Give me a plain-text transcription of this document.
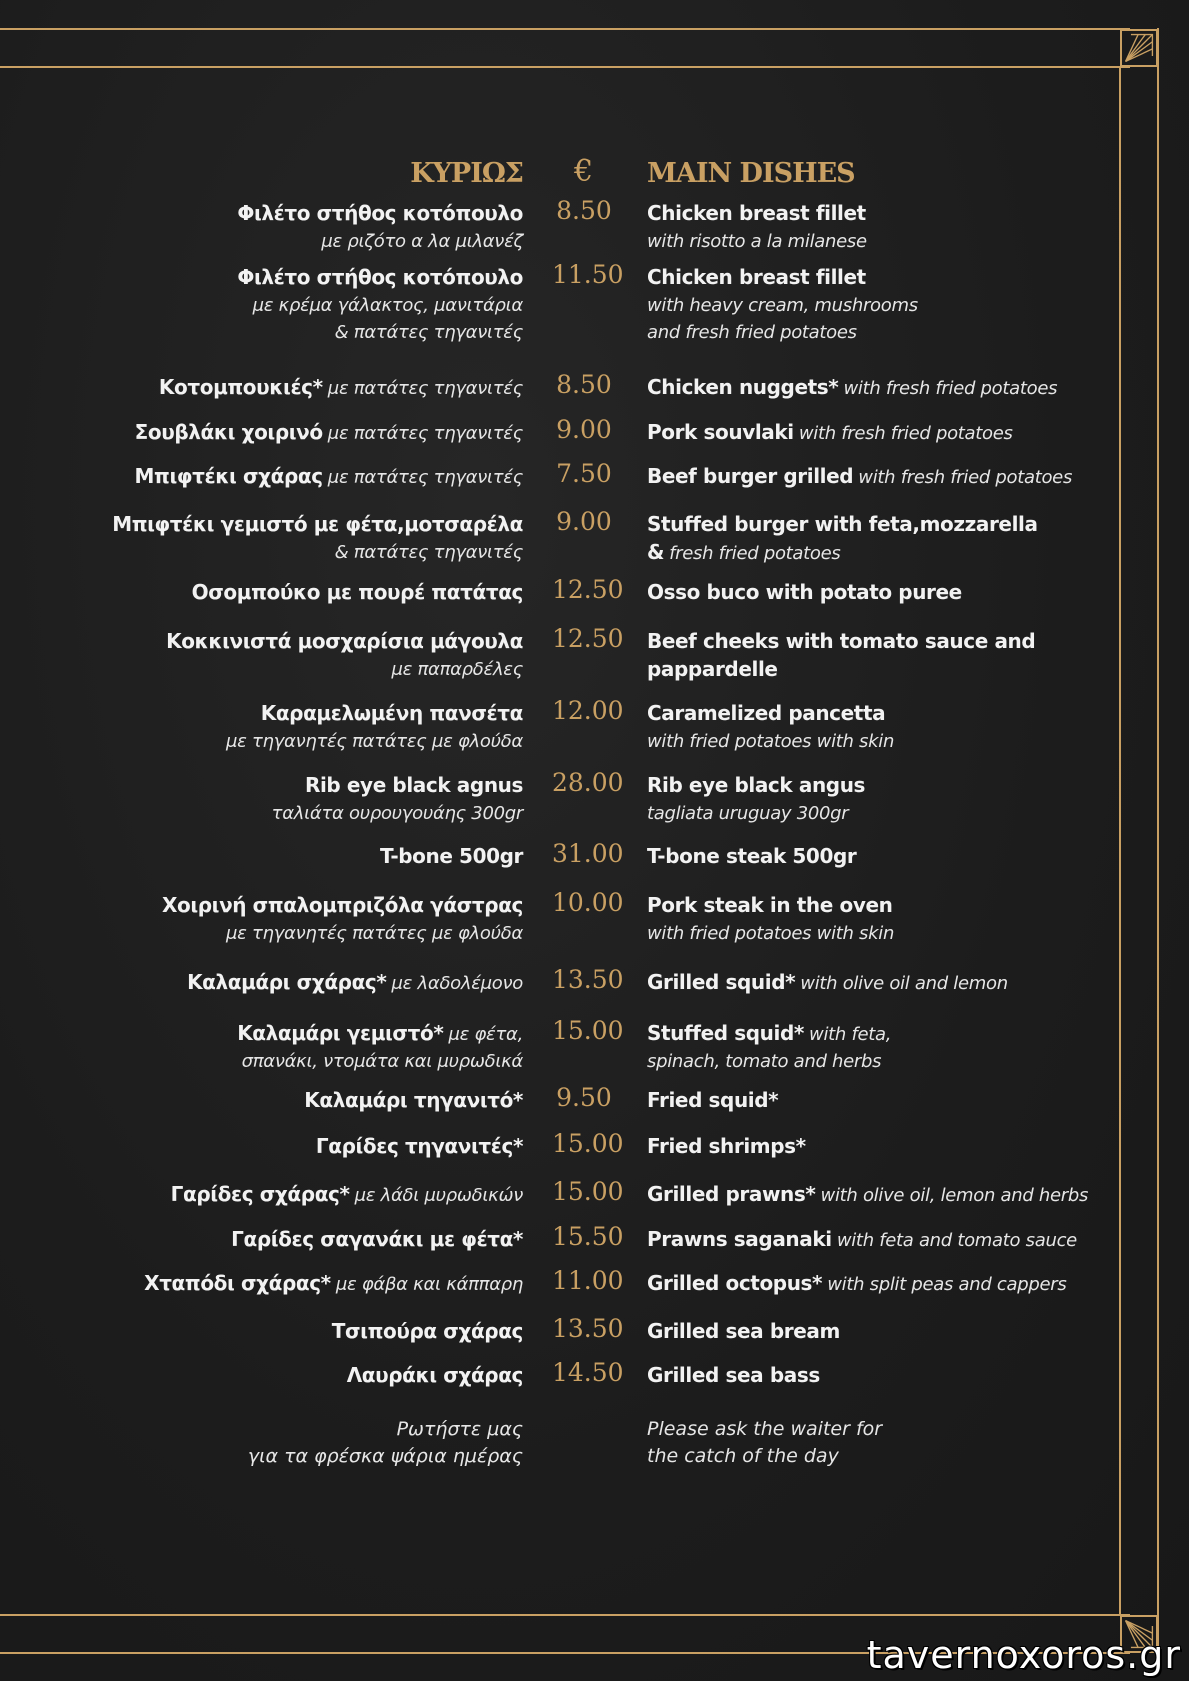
ΚΥΡΙΩΣ € MAIN DISHES
Φιλέτο στήθος κοτόπουλο
με ριζότο α λα μιλανέζ
8.50 Chicken breast fillet
with risotto a la milanese
Φιλέτο στήθος κοτόπουλο
με κρέμα γάλακτος, μανιτάρια
& πατάτες τηγανιτές
11.50 Chicken breast fillet
with heavy cream, mushrooms
and fresh fried potatoes
Κοτομπουκιές* με πατάτες τηγανιτές 8.50 Chicken nuggets* with fresh fried potatoes
Σουβλάκι χοιρινό με πατάτες τηγανιτές 9.00 Pork souvlaki with fresh fried potatoes
Μπιφτέκι σχάρας με πατάτες τηγανιτές 7.50 Beef burger grilled with fresh fried potatoes
Μπιφτέκι γεμιστό με φέτα,μοτσαρέλα
& πατάτες τηγανιτές
9.00 Stuffed burger with feta,mozzarella
& fresh fried potatoes
Οσομπούκο με πουρέ πατάτας 12.50 Osso buco with potato puree
Κοκκινιστά μοσχαρίσια μάγουλα
με παπαρδέλες
12.50 Beef cheeks with tomato sauce and
pappardelle
Καραμελωμένη πανσέτα
με τηγανητές πατάτες με φλούδα
12.00 Caramelized pancetta
with fried potatoes with skin
Rib eye black agnus
ταλιάτα ουρουγουάης 300gr
28.00 Rib eye black angus
tagliata uruguay 300gr
T-bone 500gr 31.00 T-bone steak 500gr
Χοιρινή σπαλομπριζόλα γάστρας
με τηγανητές πατάτες με φλούδα
10.00 Pork steak in the oven
with fried potatoes with skin
Καλαμάρι σχάρας* με λαδολέμονο 13.50 Grilled squid* with olive oil and lemon
Καλαμάρι γεμιστό* με φέτα,
σπανάκι, ντομάτα και μυρωδικά
15.00 Stuffed squid* with feta,
spinach, tomato and herbs
Καλαμάρι τηγανιτό* 9.50 Fried squid*
Γαρίδες τηγανιτές* 15.00 Fried shrimps*
Γαρίδες σχάρας* με λάδι μυρωδικών 15.00 Grilled prawns* with olive oil, lemon and herbs
Γαρίδες σαγανάκι με φέτα* 15.50 Prawns saganaki with feta and tomato sauce
Χταπόδι σχάρας* με φάβα και κάππαρη 11.00 Grilled octopus* with split peas and cappers
Τσιπούρα σχάρας 13.50 Grilled sea bream
Λαυράκι σχάρας 14.50 Grilled sea bass
Ρωτήστε μας
για τα φρέσκα ψάρια ημέρας
Please ask the waiter for
the catch of the day
tavernoxoros.gr
